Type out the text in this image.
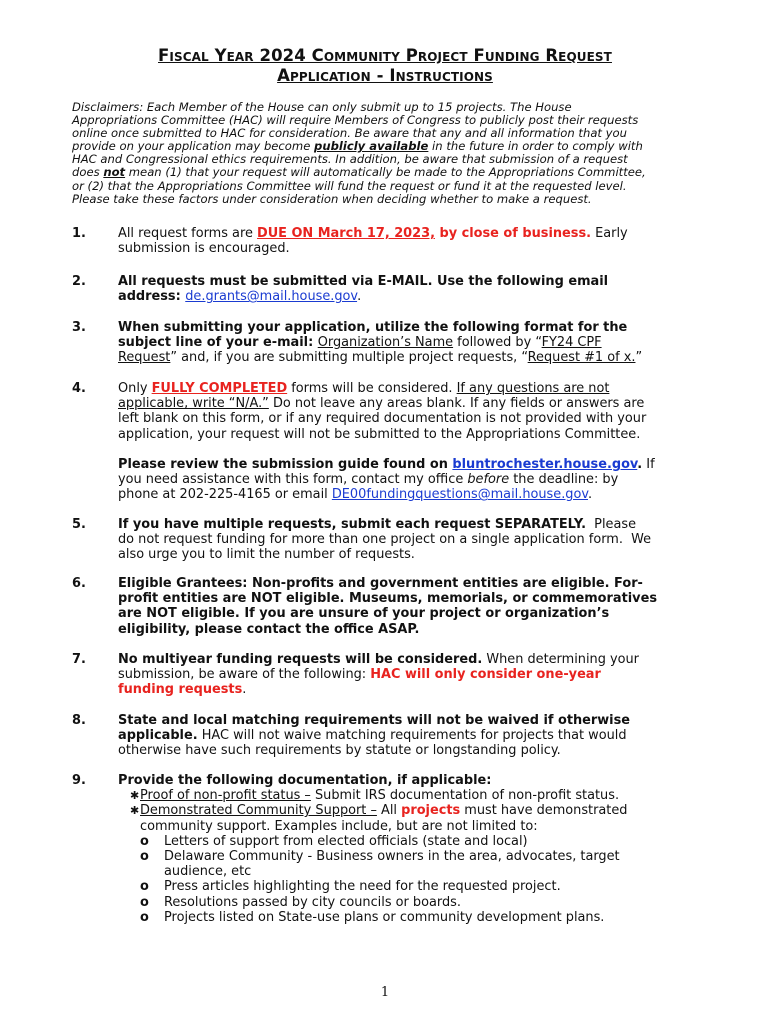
Fiscal Year 2024 Community Project Funding Request
Application - Instructions
Disclaimers: Each Member of the House can only submit up to 15 projects. The House
Appropriations Committee (HAC) will require Members of Congress to publicly post their requests
online once submitted to HAC for consideration. Be aware that any and all information that you
provide on your application may become publicly available in the future in order to comply with
HAC and Congressional ethics requirements. In addition, be aware that submission of a request
does not mean (1) that your request will automatically be made to the Appropriations Committee,
or (2) that the Appropriations Committee will fund the request or fund it at the requested level.
Please take these factors under consideration when deciding whether to make a request.
1. All request forms are DUE ON March 17, 2023, by close of business. Early
submission is encouraged.
2. All requests must be submitted via E-MAIL. Use the following email
address: de.grants@mail.house.gov.
3. When submitting your application, utilize the following format for the
subject line of your e-mail: Organization’s Name followed by “FY24 CPF
Request” and, if you are submitting multiple project requests, “Request #1 of x.”
4. Only FULLY COMPLETED forms will be considered. If any questions are not
applicable, write “N/A.” Do not leave any areas blank. If any fields or answers are
left blank on this form, or if any required documentation is not provided with your
application, your request will not be submitted to the Appropriations Committee.
Please review the submission guide found on bluntrochester.house.gov. If
you need assistance with this form, contact my office before the deadline: by
phone at 202-225-4165 or email DE00fundingquestions@mail.house.gov.
5. If you have multiple requests, submit each request SEPARATELY.  Please
do not request funding for more than one project on a single application form.  We
also urge you to limit the number of requests.
6. Eligible Grantees: Non-profits and government entities are eligible. For-
profit entities are NOT eligible. Museums, memorials, or commemoratives
are NOT eligible. If you are unsure of your project or organization’s
eligibility, please contact the office ASAP.
7. No multiyear funding requests will be considered. When determining your
submission, be aware of the following: HAC will only consider one-year
funding requests.
8. State and local matching requirements will not be waived if otherwise
applicable. HAC will not waive matching requirements for projects that would
otherwise have such requirements by statute or longstanding policy.
9. Provide the following documentation, if applicable:
✱ Proof of non-profit status – Submit IRS documentation of non-profit status.
✱ Demonstrated Community Support – All projects must have demonstrated
community support. Examples include, but are not limited to:
o Letters of support from elected officials (state and local)
o Delaware Community - Business owners in the area, advocates, target
audience, etc
o Press articles highlighting the need for the requested project.
o Resolutions passed by city councils or boards.
o Projects listed on State-use plans or community development plans.
1
